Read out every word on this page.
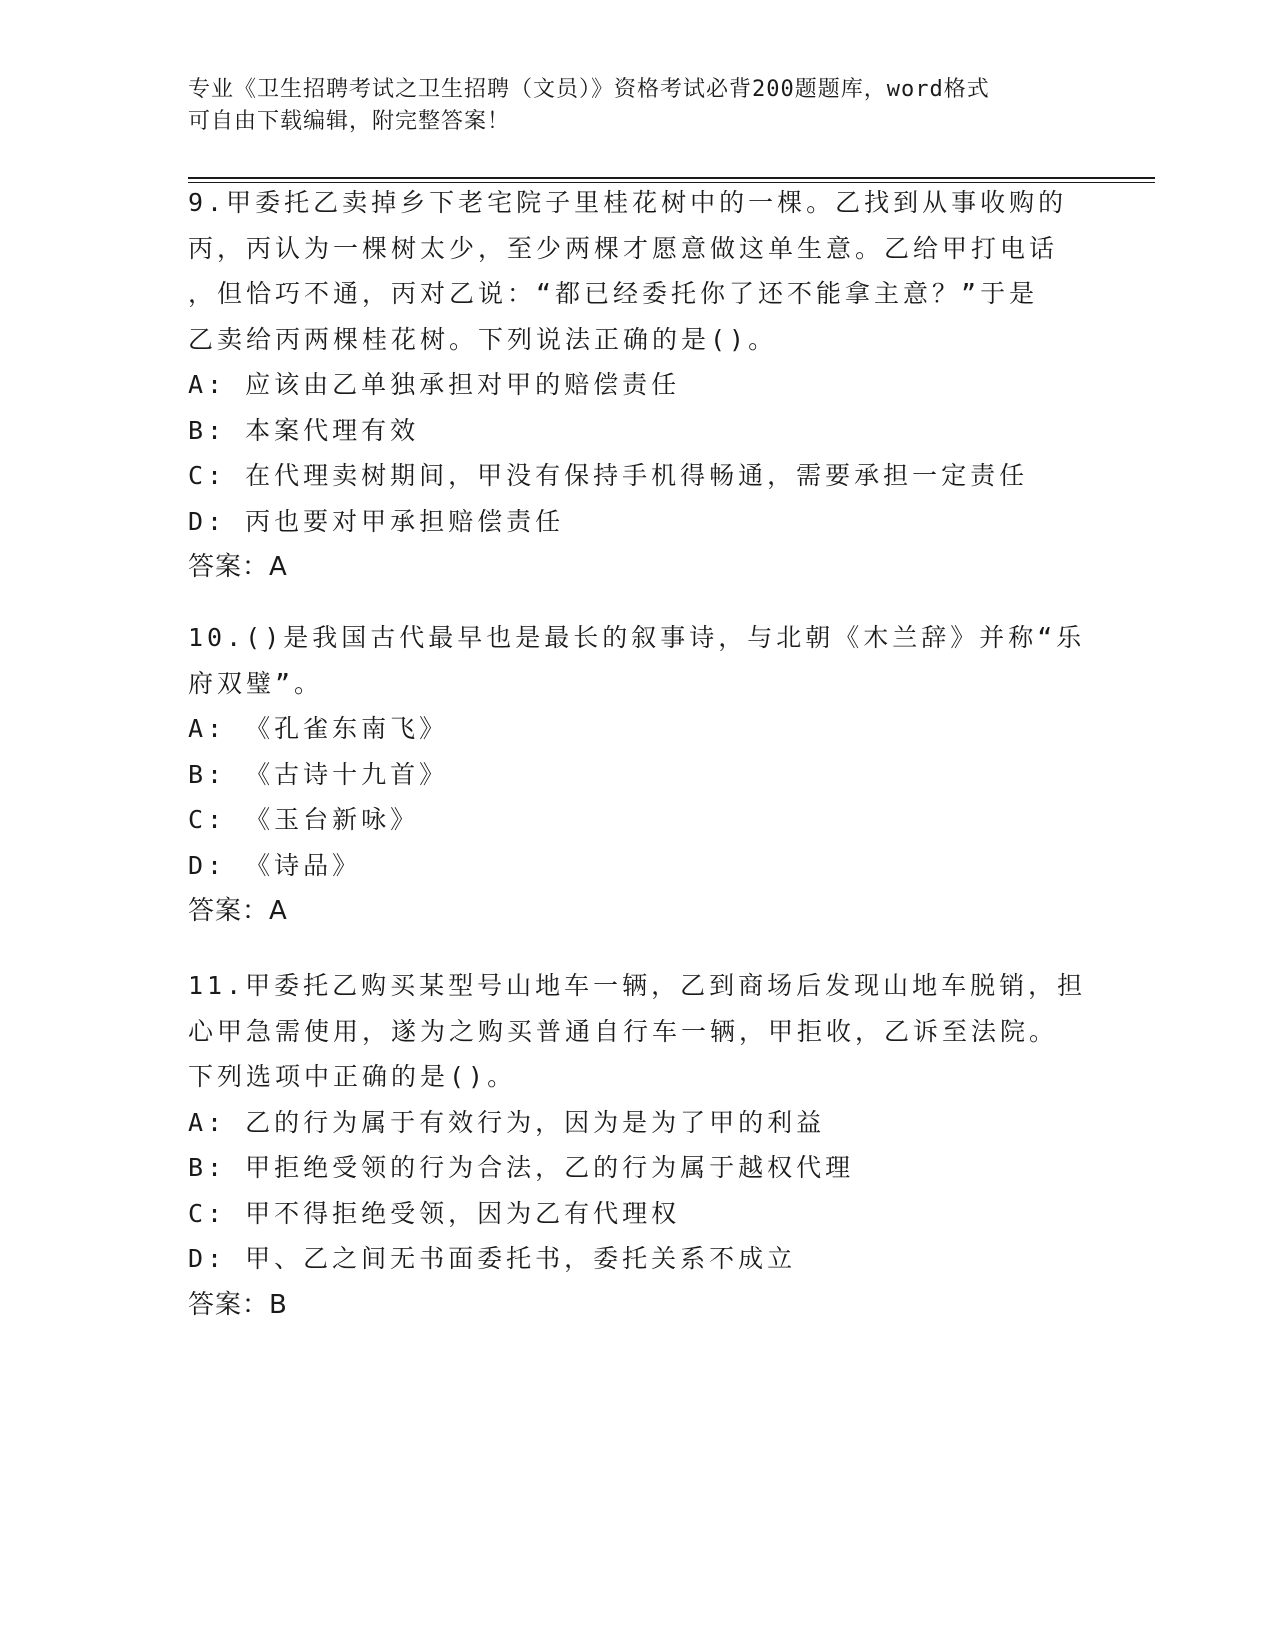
专业《卫生招聘考试之卫生招聘（文员）》资格考试必背200题题库，word格式
可自由下载编辑，附完整答案！

9.甲委托乙卖掉乡下老宅院子里桂花树中的一棵。乙找到从事收购的

丙，丙认为一棵树太少，至少两棵才愿意做这单生意。乙给甲打电话

，但恰巧不通，丙对乙说：“都已经委托你了还不能拿主意？”于是

乙卖给丙两棵桂花树。下列说法正确的是()。

A: 应该由乙单独承担对甲的赔偿责任

B: 本案代理有效

C: 在代理卖树期间，甲没有保持手机得畅通，需要承担一定责任

D: 丙也要对甲承担赔偿责任

答案：A

10.()是我国古代最早也是最长的叙事诗，与北朝《木兰辞》并称“乐

府双璧”。

A: 《孔雀东南飞》

B: 《古诗十九首》

C: 《玉台新咏》

D: 《诗品》

答案：A

11.甲委托乙购买某型号山地车一辆，乙到商场后发现山地车脱销，担

心甲急需使用，遂为之购买普通自行车一辆，甲拒收，乙诉至法院。

下列选项中正确的是()。

A: 乙的行为属于有效行为，因为是为了甲的利益

B: 甲拒绝受领的行为合法，乙的行为属于越权代理

C: 甲不得拒绝受领，因为乙有代理权

D: 甲、乙之间无书面委托书，委托关系不成立

答案：B
